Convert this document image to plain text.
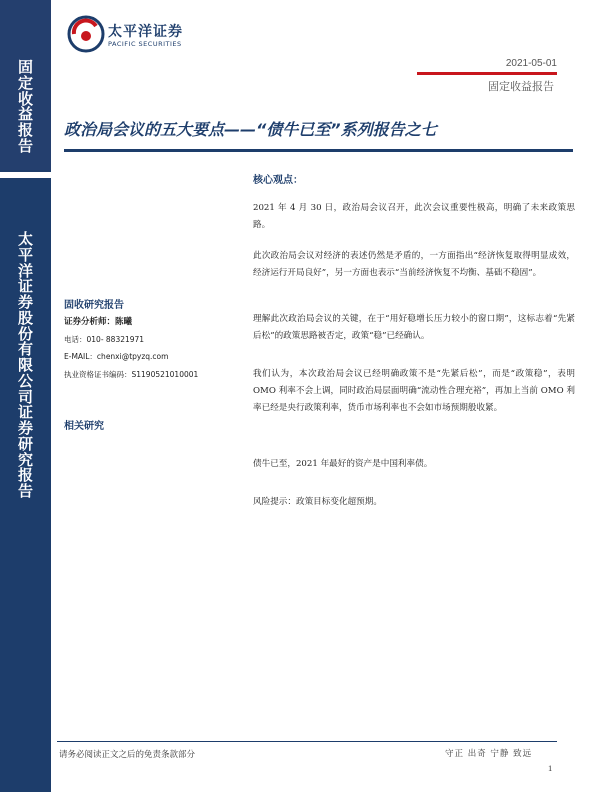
固
定
收
益
报
告
太
平
洋
证
券
股
份
有
限
公
司
证
券
研
究
报
告
太平洋证券
PACIFIC SECURITIES
2021-05-01
固定收益报告
政治局会议的五大要点——“债牛已至”系列报告之七
固收研究报告
证券分析师：陈曦
电话：010- 88321971
E-MAIL：chenxi@tpyzq.com
执业资格证书编码：S1190521010001
相关研究
核心观点：
2021 年 4 月 30 日，政治局会议召开，此次会议重要性极高，明确了未来政策思路。
此次政治局会议对经济的表述仍然是矛盾的，一方面指出“经济恢复取得明显成效，经济运行开局良好”，另一方面也表示“当前经济恢复不均衡、基础不稳固”。
理解此次政治局会议的关键，在于“用好稳增长压力较小的窗口期”，这标志着“先紧后松”的政策思路被否定，政策“稳”已经确认。
我们认为，本次政治局会议已经明确政策不是“先紧后松”，而是“政策稳”，表明 OMO 利率不会上调，同时政治局层面明确“流动性合理充裕”，再加上当前 OMO 利率已经是央行政策利率，货币市场利率也不会如市场预期般收紧。
债牛已至，2021 年最好的资产是中国利率债。
风险提示：政策目标变化超预期。
请务必阅读正文之后的免责条款部分	守正 出奇 宁静 致远
1
